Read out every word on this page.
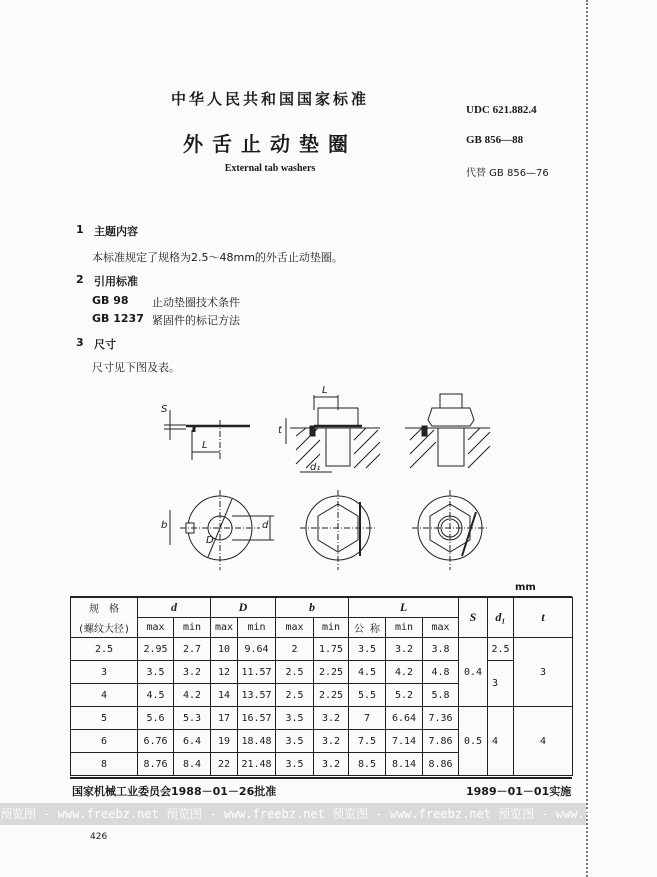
中华人民共和国国家标准
外舌止动垫圈
External tab washers
UDC 621.882.4
GB 856—88
代替 GB 856—76
1 主题内容
本标准规定了规格为2.5～48mm的外舌止动垫圈。
2 引用标准
GB 98 止动垫圈技术条件
GB 1237 紧固件的标记方法
3 尺寸
尺寸见下图及表。
S
L
L
t
d₁
b
D
d
mm
规　格	d		D		b		L			S	d₁	t
(螺纹大径)	max	min	max	min	max	min	公 称	min	max			
2.5	2.95	2.7	10	9.64	2	1.75	3.5	3.2	3.8	0.4	2.5	3
3	3.5	3.2	12	11.57	2.5	2.25	4.5	4.2	4.8		3	
4	4.5	4.2	14	13.57	2.5	2.25	5.5	5.2	5.8			
5	5.6	5.3	17	16.57	3.5	3.2	7	6.64	7.36	0.5	4	4
6	6.76	6.4	19	18.48	3.5	3.2	7.5	7.14	7.86			
8	8.76	8.4	22	21.48	3.5	3.2	8.5	8.14	8.86			
国家机械工业委员会1988－01－26批准	1989－01－01实施
预览图 - www.freebz.net 预览图 - www.freebz.net 预览图 - www.freebz.net 预览图 - www.freebz.net
426
